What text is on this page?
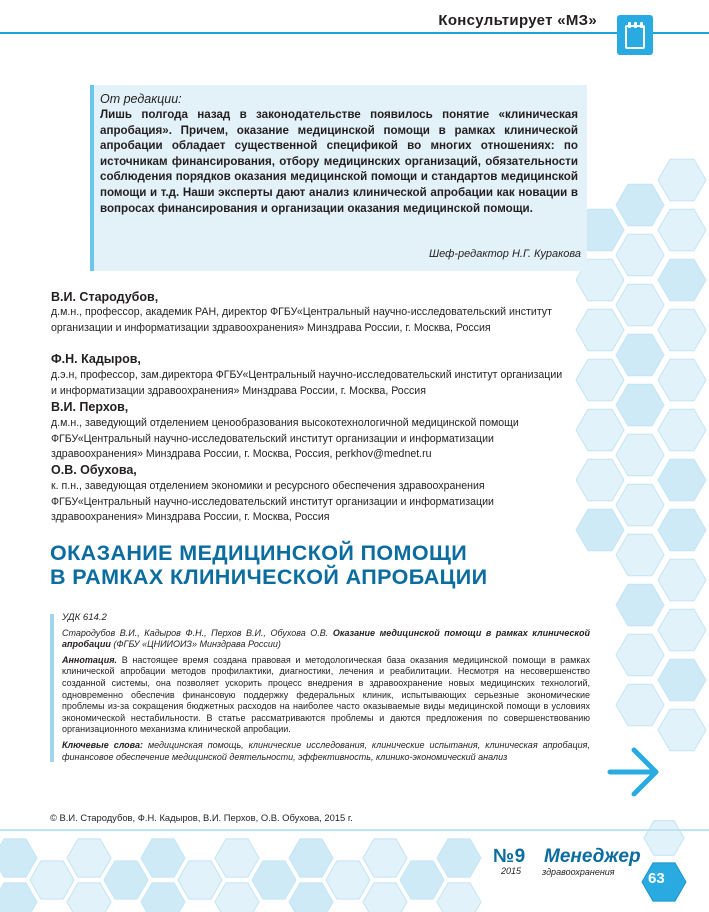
Консультирует «МЗ»
От редакции:
Лишь полгода назад в законодательстве появилось понятие «клиническая апробация». Причем, оказание медицинской помощи в рамках клинической апробации обладает существенной спецификой во многих отношениях: по источникам финансирования, отбору медицинских организаций, обязательности соблюдения порядков оказания медицинской помощи и стандартов медицинской помощи и т.д. Наши эксперты дают анализ клинической апробации как новации в вопросах финансирования и организации оказания медицинской помощи.
Шеф-редактор Н.Г. Куракова
В.И. Стародубов,
д.м.н., профессор, академик РАН, директор ФГБУ«Центральный научно-исследовательский институт организации и информатизации здравоохранения» Минздрава России, г. Москва, Россия
Ф.Н. Кадыров,
д.э.н, профессор, зам.директора ФГБУ«Центральный научно-исследовательский институт организации и информатизации здравоохранения» Минздрава России, г. Москва, Россия
В.И. Перхов,
д.м.н., заведующий отделением ценообразования высокотехнологичной медицинской помощи ФГБУ«Центральный научно-исследовательский институт организации и информатизации здравоохранения» Минздрава России, г. Москва, Россия, perkhov@mednet.ru
О.В. Обухова,
к. п.н., заведующая отделением экономики и ресурсного обеспечения здравоохранения ФГБУ«Центральный научно-исследовательский институт организации и информатизации здравоохранения» Минздрава России, г. Москва, Россия
ОКАЗАНИЕ МЕДИЦИНСКОЙ ПОМОЩИ
В РАМКАХ КЛИНИЧЕСКОЙ АПРОБАЦИИ

УДК 614.2

Стародубов В.И., Кадыров Ф.Н., Перхов В.И., Обухова О.В. Оказание медицинской помощи в рамках клинической апробации (ФГБУ «ЦНИИОИЗ» Минздрава России)

Аннотация. В настоящее время создана правовая и методологическая база оказания медицинской помощи в рамках клинической апробации методов профилактики, диагностики, лечения и реабилитации. Несмотря на несовершенство созданной системы, она позволяет ускорить процесс внедрения в здравоохранение новых медицинских технологий, одновременно обеспечив финансовую поддержку федеральных клиник, испытывающих серьезные экономические проблемы из-за сокращения бюджетных расходов на наиболее часто оказываемые виды медицинской помощи в условиях экономической нестабильности. В статье рассматриваются проблемы и даются предложения по совершенствованию организационного механизма клинической апробации.

Ключевые слова: медицинская помощь, клинические исследования, клинические испытания, клиническая апробация, финансовое обеспечение медицинской деятельности, эффективность, клинико-экономический анализ

© В.И. Стародубов, Ф.Н. Кадыров, В.И. Перхов, О.В. Обухова, 2015 г.
№9
2015
Менеджер
здравоохранения 63
